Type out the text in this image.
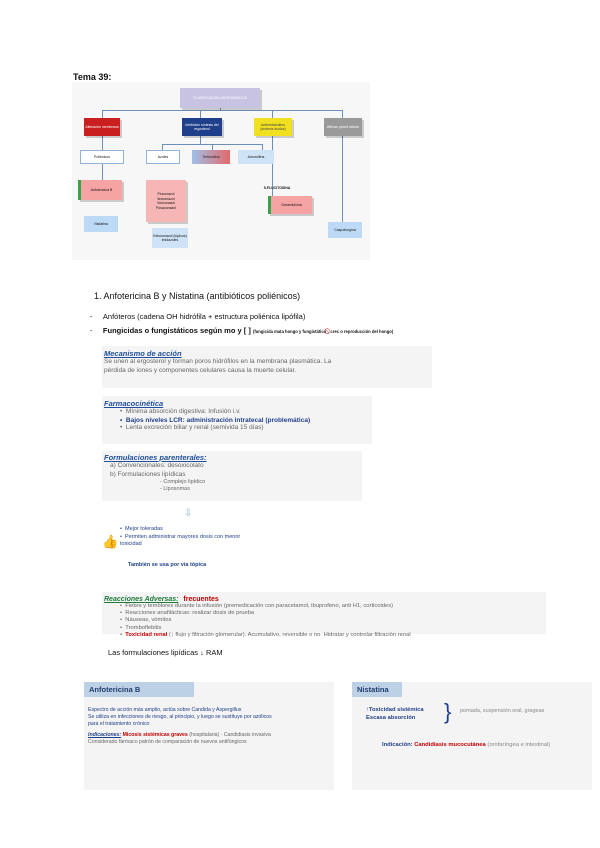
Tema 39:
CLASIFICACIÓN ANTIFÚNGICOS
Alteración membrana
Inhibición síntesis del ergosterol
Antimetabolitos (síntesis ácidos)
Alteran pared celular
Poliénicos	Azoles	Terbinafina	Amorolfina
Anfotericina B
Nistatina
Fluconazol
Itraconazol
Voriconazol
Posaconazol
Ketoconazol (tópicos) imidazoles
5-FLUCITOSINA
Griseofulvina
Caspofungina
1. Anfotericina B y Nistatina (antibióticos poliénicos)
-     Anfóteros (cadena OH hidrófila + estructura poliénica lipófila)
-     Fungicidas o fungistáticos según mo y [ ] (fungicida mata hongo y fungistático crec o reproducción del hongo)
Mecanismo de acción
Se unen al ergosterol y forman poros hidrófilos en la membrana plasmática. La
pérdida de iones y componentes celulares causa la muerte celular.
Farmacocinética
•  Mínima absorción digestiva: Infusión i.v.
•  Bajos niveles LCR: administración intratecal (problemática)
•  Lenta excreción biliar y renal (semivida 15 días)
Formulaciones parenterales:
a) Convencionales: desoxicolato
b) Formulaciones lipídicas
- Complejo lipídico
- Liposomas
⇩
👍
•  Mejor toleradas
•  Permiten administrar mayores dosis con menor toxicidad
También se usa por vía tópica
Reacciones Adversas: frecuentes
•  Fiebre y temblores durante la infusión (premedicación con paracetamol, ibuprofeno, anti H1, corticoides)
•  Reacciones anafilácticas: realizar dosis de prueba
•  Náuseas, vómitos
•  Tromboflebitis
•  Toxicidad renal (↓ flujo y filtración glomerular). Acumulativo, reversible o no. Hidratar y controlar filtración renal
Las formulaciones lipídicas ↓ RAM
Anfotericina B
Espectro de acción más amplio, actúa sobre Candida y Aspergillus
Se utiliza en infecciones de riesgo, al principio, y luego se sustituye por azólicos
para el tratamiento crónico
Indicaciones: Micosis sistémicas graves (hospitalaria) · Candidiasis invasiva
Considerado fármaco patrón de comparación de nuevos antifúngicos
Nistatina
↑Toxicidad sistémica
Escasa absorción	} pomada, suspensión oral, grageas
Indicación: Candidiasis mucocutánea (orofaríngea e intestinal)
